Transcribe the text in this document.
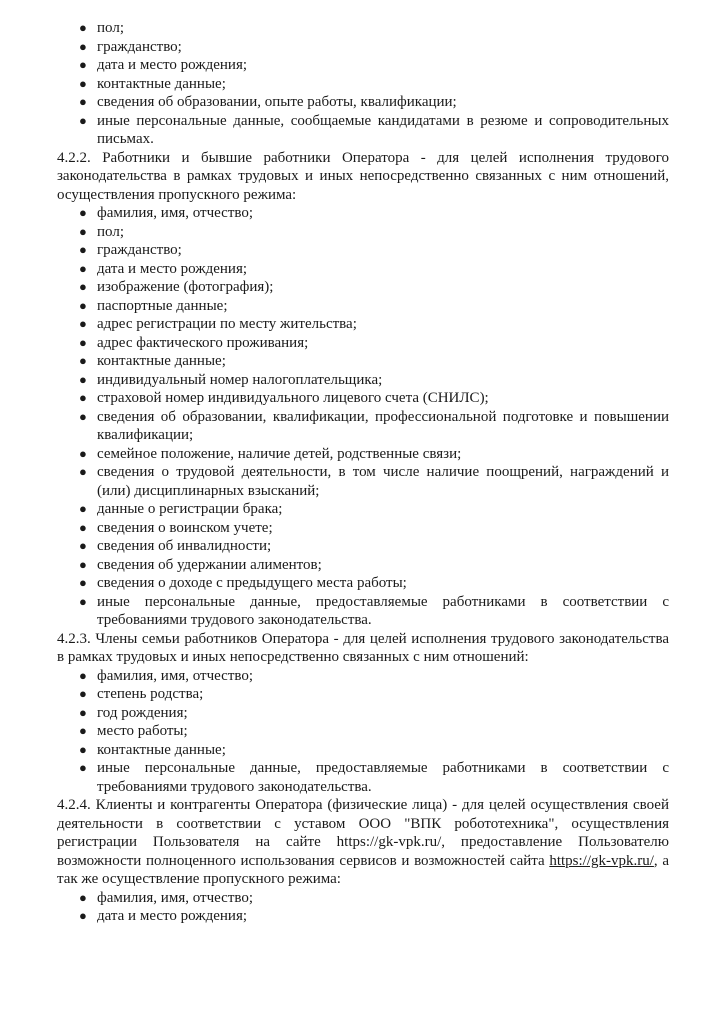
● пол;
● гражданство;
● дата и место рождения;
● контактные данные;
● сведения об образовании, опыте работы, квалификации;
● иные персональные данные, сообщаемые кандидатами в резюме и сопроводительных письмах.

4.2.2. Работники и бывшие работники Оператора - для целей исполнения трудового законодательства в рамках трудовых и иных непосредственно связанных с ним отношений, осуществления пропускного режима:

● фамилия, имя, отчество;
● пол;
● гражданство;
● дата и место рождения;
● изображение (фотография);
● паспортные данные;
● адрес регистрации по месту жительства;
● адрес фактического проживания;
● контактные данные;
● индивидуальный номер налогоплательщика;
● страховой номер индивидуального лицевого счета (СНИЛС);
● сведения об образовании, квалификации, профессиональной подготовке и повышении квалификации;
● семейное положение, наличие детей, родственные связи;
● сведения о трудовой деятельности, в том числе наличие поощрений, награждений и (или) дисциплинарных взысканий;
● данные о регистрации брака;
● сведения о воинском учете;
● сведения об инвалидности;
● сведения об удержании алиментов;
● сведения о доходе с предыдущего места работы;
● иные персональные данные, предоставляемые работниками в соответствии с требованиями трудового законодательства.

4.2.3. Члены семьи работников Оператора - для целей исполнения трудового законодательства в рамках трудовых и иных непосредственно связанных с ним отношений:

● фамилия, имя, отчество;
● степень родства;
● год рождения;
● место работы;
● контактные данные;
● иные персональные данные, предоставляемые работниками в соответствии с требованиями трудового законодательства.

4.2.4. Клиенты и контрагенты Оператора (физические лица) - для целей осуществления своей деятельности в соответствии с уставом ООО "ВПК робототехника", осуществления регистрации Пользователя на сайте https://gk-vpk.ru/, предоставление Пользователю возможности полноценного использования сервисов и возможностей сайта https://gk-vpk.ru/, а так же осуществление пропускного режима:

● фамилия, имя, отчество;
● дата и место рождения;
